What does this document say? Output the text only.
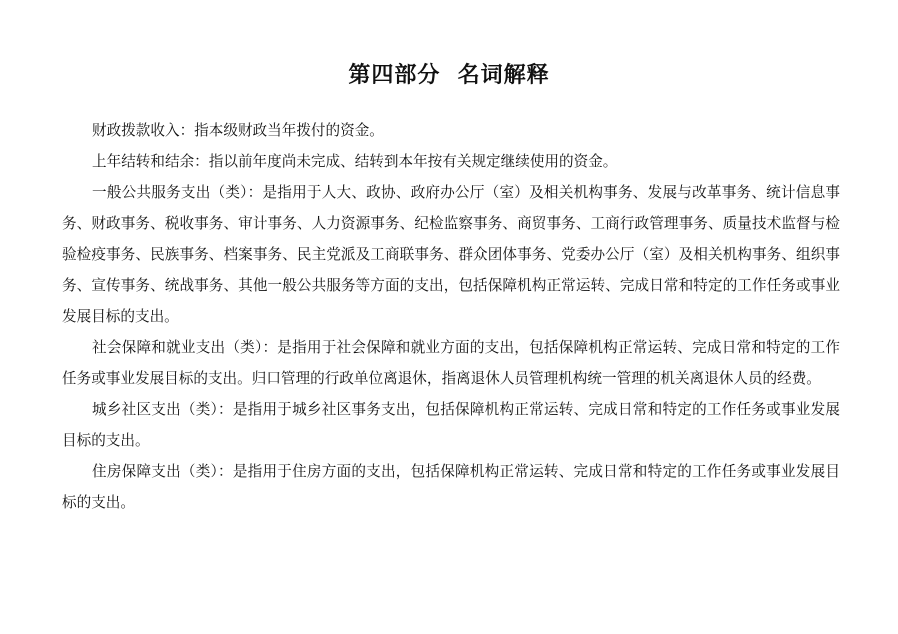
第四部分  名词解释

财政拨款收入：指本级财政当年拨付的资金。

上年结转和结余：指以前年度尚未完成、结转到本年按有关规定继续使用的资金。

一般公共服务支出（类）：是指用于人大、政协、政府办公厅（室）及相关机构事务、发展与改革事务、统计信息事务、财政事务、税收事务、审计事务、人力资源事务、纪检监察事务、商贸事务、工商行政管理事务、质量技术监督与检验检疫事务、民族事务、档案事务、民主党派及工商联事务、群众团体事务、党委办公厅（室）及相关机构事务、组织事务、宣传事务、统战事务、其他一般公共服务等方面的支出，包括保障机构正常运转、完成日常和特定的工作任务或事业发展目标的支出。

社会保障和就业支出（类）：是指用于社会保障和就业方面的支出，包括保障机构正常运转、完成日常和特定的工作任务或事业发展目标的支出。归口管理的行政单位离退休，指离退休人员管理机构统一管理的机关离退休人员的经费。

城乡社区支出（类）：是指用于城乡社区事务支出，包括保障机构正常运转、完成日常和特定的工作任务或事业发展目标的支出。

住房保障支出（类）：是指用于住房方面的支出，包括保障机构正常运转、完成日常和特定的工作任务或事业发展目标的支出。
